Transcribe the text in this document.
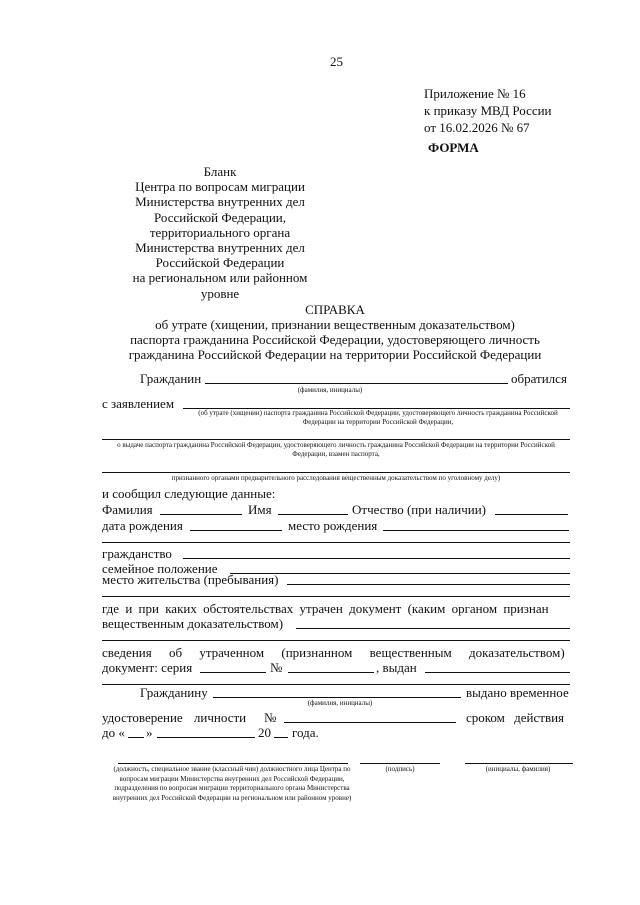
25
Приложение № 16
к приказу МВД России
от 16.02.2026 № 67
ФОРМА
Бланк
Центра по вопросам миграции
Министерства внутренних дел
Российской Федерации,
территориального органа
Министерства внутренних дел
Российской Федерации
на региональном или районном
уровне
СПРАВКА
об утрате (хищении, признании вещественным доказательством)
паспорта гражданина Российской Федерации, удостоверяющего личность
гражданина Российской Федерации на территории Российской Федерации
Гражданин	обратился
(фамилия, инициалы)
с заявлением
(об утрате (хищении) паспорта гражданина Российской Федерации, удостоверяющего личность гражданина Российской Федерации на территории Российской Федерации,
о выдаче паспорта гражданина Российской Федерации, удостоверяющего личность гражданина Российской Федерации на территории Российской Федерации, взамен паспорта,
признанного органами предварительного расследования вещественным доказательством по уголовному делу)
и сообщил следующие данные:
Фамилия	Имя	Отчество (при наличии)
дата рождения	место рождения
гражданство
семейное положение
место жительства (пребывания)
где и при каких обстоятельствах утрачен документ (каким органом признан
вещественным доказательством)
сведения об утраченном (признанном вещественным доказательством)
документ: серия	№	, выдан
Гражданину	выдано временное
(фамилия, инициалы)
удостоверение личности №	сроком действия
до « »	20 года.
(должность, специальное звание (классный чин) должностного лица Центра по вопросам миграции Министерства внутренних дел Российской Федерации, подразделения по вопросам миграции территориального органа Министерства внутренних дел Российской Федерации на региональном или районном уровне)
(подпись)	(инициалы, фамилия)
